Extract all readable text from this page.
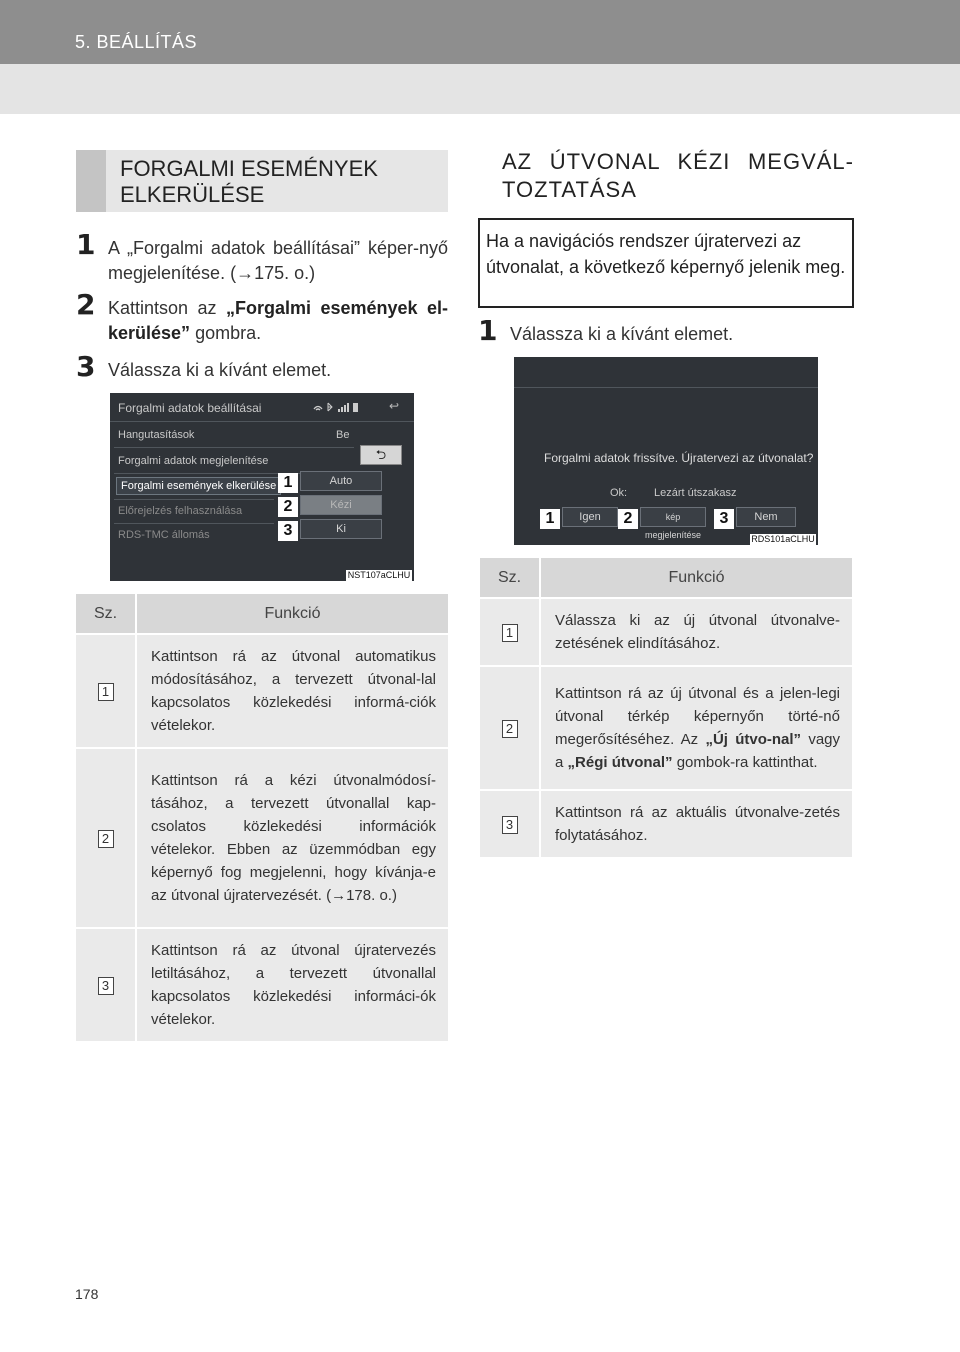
5. BEÁLLÍTÁS
FORGALMI ESEMÉNYEK
ELKERÜLÉSE
1 A „Forgalmi adatok beállításai” képer-nyő megjelenítése. (→175. o.)
2 Kattintson az „Forgalmi események el-kerülése” gombra.
3 Válassza ki a kívánt elemet.
Forgalmi adatok beállításai	↩
Hangutasítások	Be
Forgalmi adatok megjelenítése	⮌
Forgalmi események elkerülése
Előrejelzés felhasználása
RDS-TMC állomás
1	Auto
2	Kézi
3	Ki
NST107aCLHU
Sz.	Funkció
1	Kattintson rá az útvonal automatikus módosításához, a tervezett útvonal-lal kapcsolatos közlekedési informá-ciók vételekor.
2	Kattintson rá a kézi útvonalmódosí-tásához, a tervezett útvonallal kap-csolatos közlekedési információk vételekor. Ebben az üzemmódban egy képernyő fog megjelenni, hogy kívánja-e az útvonal újratervezését. (→178. o.)
3	Kattintson rá az útvonal újratervezés letiltásához, a tervezett útvonallal kapcsolatos közlekedési informáci-ók vételekor.
AZ ÚTVONAL KÉZI MEGVÁL-TOZTATÁSA
Ha a navigációs rendszer újratervezi az útvonalat, a következő képernyő jelenik meg.
1 Válassza ki a kívánt elemet.
Forgalmi adatok frissítve. Újratervezi az útvonalat?
Ok: Lezárt útszakasz
1	Igen	2	kép megjelenítése
3	Nem
RDS101aCLHU
Sz.	Funkció
1	Válassza ki az új útvonal útvonalve-zetésének elindításához.
2	Kattintson rá az új útvonal és a jelen-legi útvonal térkép képernyőn törté-nő megerősítéséhez. Az „Új útvo-nal” vagy a „Régi útvonal” gombok-ra kattinthat.
3	Kattintson rá az aktuális útvonalve-zetés folytatásához.
178
